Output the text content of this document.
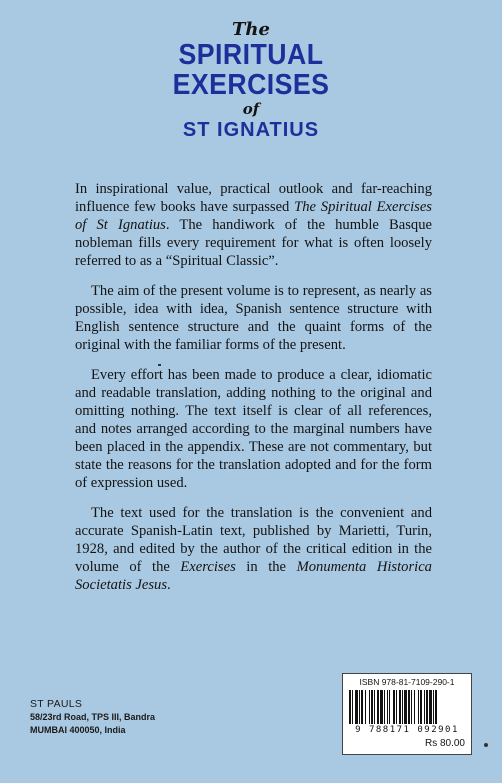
The
SPIRITUAL
EXERCISES
of
ST IGNATIUS

In inspirational value, practical outlook and far-reaching influence few books have surpassed The Spiritual Exercises of St Ignatius. The handiwork of the humble Basque nobleman fills every requirement for what is often loosely referred to as a “Spiritual Classic”.

The aim of the present volume is to represent, as nearly as possible, idea with idea, Spanish sentence structure with English sentence structure and the quaint forms of the original with the familiar forms of the present.

Every effort has been made to produce a clear, idiomatic and readable translation, adding nothing to the original and omitting nothing. The text itself is clear of all references, and notes arranged according to the marginal numbers have been placed in the appendix. These are not commentary, but state the reasons for the translation adopted and for the form of expression used.

The text used for the translation is the convenient and accurate Spanish-Latin text, published by Marietti, Turin, 1928, and edited by the author of the critical edition in the volume of the Exercises in the Monumenta Historica Societatis Jesus.

ST PAULS
58/23rd Road, TPS III, Bandra
MUMBAI 400050, India
ISBN 978-81-7109-290-1
9 788171 092901
Rs 80.00
